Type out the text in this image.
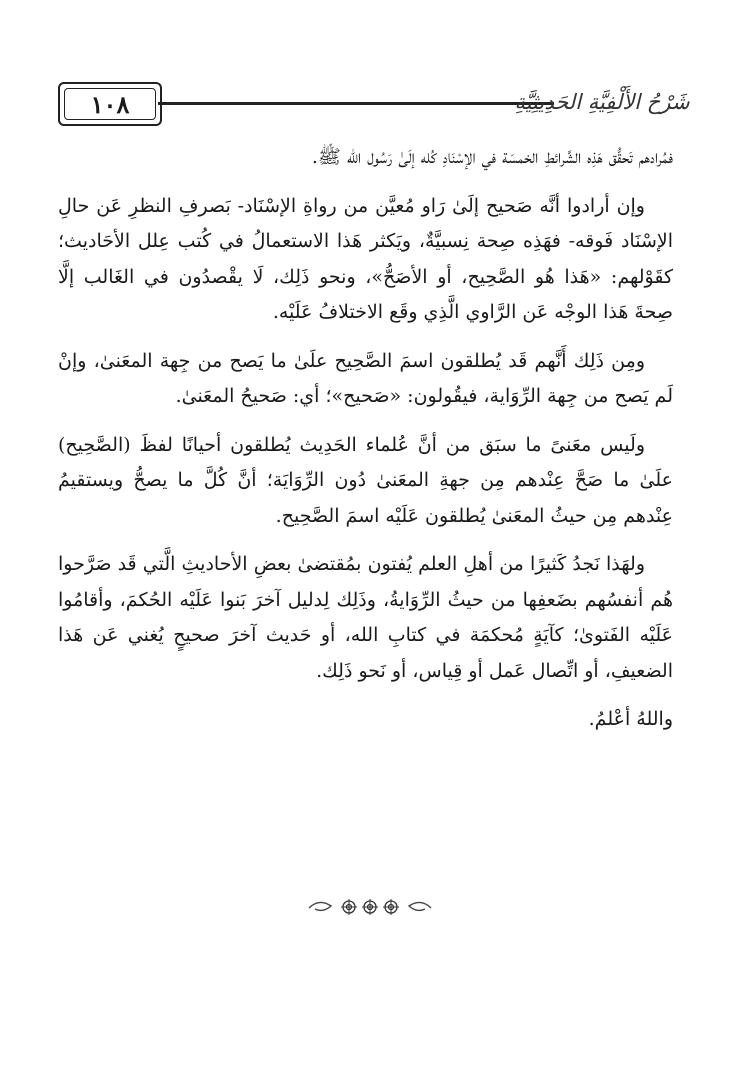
١٠٨	شَرْحُ الأَلْفِيَّةِ الحَدِيثِيَّةِ

فمُرادهم تَحقُّق هَذِه الشَّرائطِ الخمسَة في الإسْنَادِ كُله إلَىٰ رَسُول الله ﷺ.

وإن أرادوا أنَّه صَحيح إلَىٰ رَاو مُعيَّن من رواةِ الإسْنَاد- بَصرفِ النظرِ عَن حالِ الإسْنَاد فَوقه- فهَذِه صِحة نِسبيَّةٌ، ويَكثر هَذا الاستعمالُ في كُتب عِلل الأحَاديث؛ كقَوْلهم: «هَذا هُو الصَّحِيح، أو الأصَحُّ»، ونحو ذَلِك، لَا يقْصدُون في الغَالب إلَّا صِحةَ هَذا الوجْه عَن الرَّاوي الَّذِي وقَع الاختلافُ عَلَيْه.

ومِن ذَلِك أَنَّهم قَد يُطلقون اسمَ الصَّحِيح علَىٰ ما يَصح من جِهة المعَنىٰ، وإنْ لَم يَصح من جِهة الرِّوَاية، فيقُولون: «صَحيح»؛ أي: صَحيحُ المعَنىٰ.

ولَيس معَنىً ما سبَق من أنَّ عُلماء الحَدِيث يُطلقون أحيانًا لفظَ (الصَّحِيح) علَىٰ ما صَحَّ عِنْدهم مِن جهةِ المعَنىٰ دُون الرِّوَايَة؛ أنَّ كُلَّ ما يصحُّ ويستقيمُ عِنْدهم مِن حيثُ المعَنىٰ يُطلقون عَلَيْه اسمَ الصَّحِيح.

ولهَذا نَجدُ كَثيرًا من أهلِ العلم يُفتون بمُقتضىٰ بعضِ الأحاديثِ الَّتي قَد صَرَّحوا هُم أنفسُهم بضَعفِها من حيثُ الرِّوَايةُ، وذَلِك لِدليل آخرَ بَنوا عَلَيْه الحُكمَ، وأقامُوا عَلَيْه الفَتوىٰ؛ كآيَةٍ مُحكمَة في كتابِ الله، أو حَديث آخرَ صحيحٍ يُغني عَن هَذا الضعيفِ، أو اتِّصال عَمل أو قِياس، أو نَحو ذَلِك.

واللهُ أعْلمُ.
